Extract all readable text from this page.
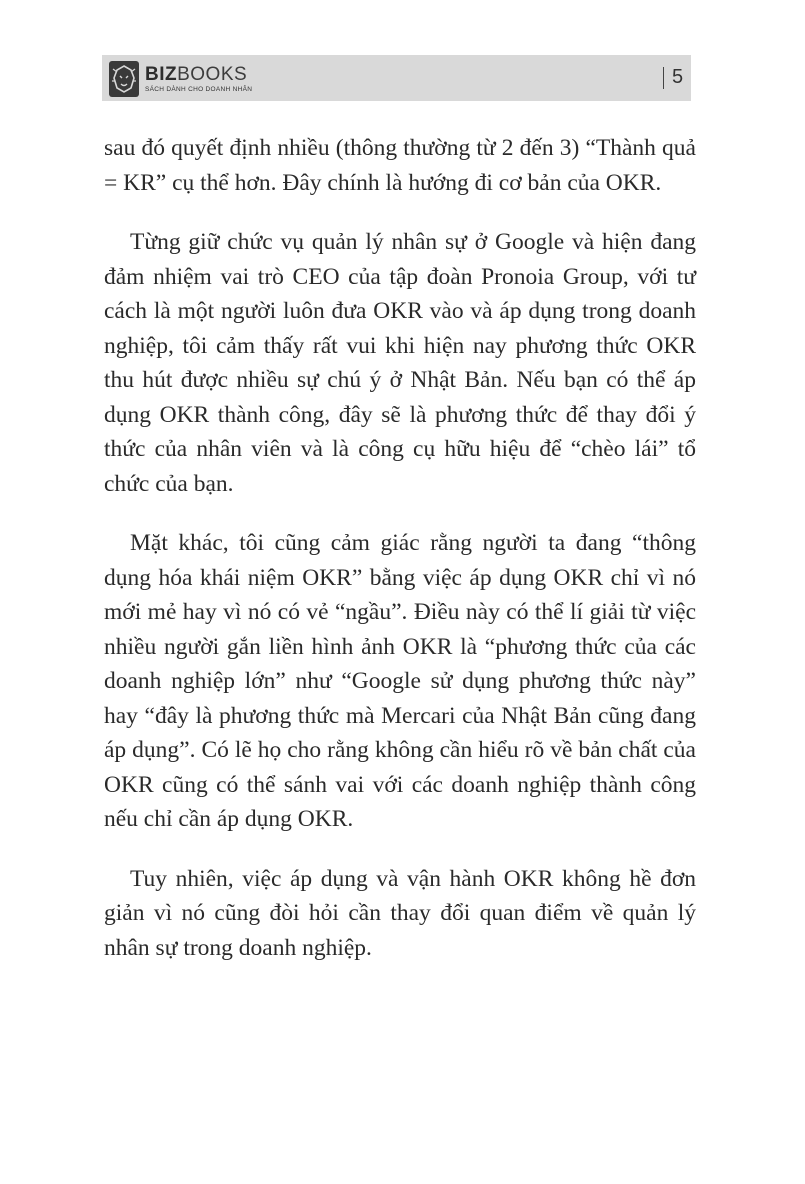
BIZBOOKS
SÁCH DÀNH CHO DOANH NHÂN
5

sau đó quyết định nhiều (thông thường từ 2 đến 3) “Thành quả = KR” cụ thể hơn. Đây chính là hướng đi cơ bản của OKR.

Từng giữ chức vụ quản lý nhân sự ở Google và hiện đang đảm nhiệm vai trò CEO của tập đoàn Pronoia Group, với tư cách là một người luôn đưa OKR vào và áp dụng trong doanh nghiệp, tôi cảm thấy rất vui khi hiện nay phương thức OKR thu hút được nhiều sự chú ý ở Nhật Bản. Nếu bạn có thể áp dụng OKR thành công, đây sẽ là phương thức để thay đổi ý thức của nhân viên và là công cụ hữu hiệu để “chèo lái” tổ chức của bạn.

Mặt khác, tôi cũng cảm giác rằng người ta đang “thông dụng hóa khái niệm OKR” bằng việc áp dụng OKR chỉ vì nó mới mẻ hay vì nó có vẻ “ngầu”. Điều này có thể lí giải từ việc nhiều người gắn liền hình ảnh OKR là “phương thức của các doanh nghiệp lớn” như “Google sử dụng phương thức này” hay “đây là phương thức mà Mercari của Nhật Bản cũng đang áp dụng”. Có lẽ họ cho rằng không cần hiểu rõ về bản chất của OKR cũng có thể sánh vai với các doanh nghiệp thành công nếu chỉ cần áp dụng OKR.

Tuy nhiên, việc áp dụng và vận hành OKR không hề đơn giản vì nó cũng đòi hỏi cần thay đổi quan điểm về quản lý nhân sự trong doanh nghiệp.
